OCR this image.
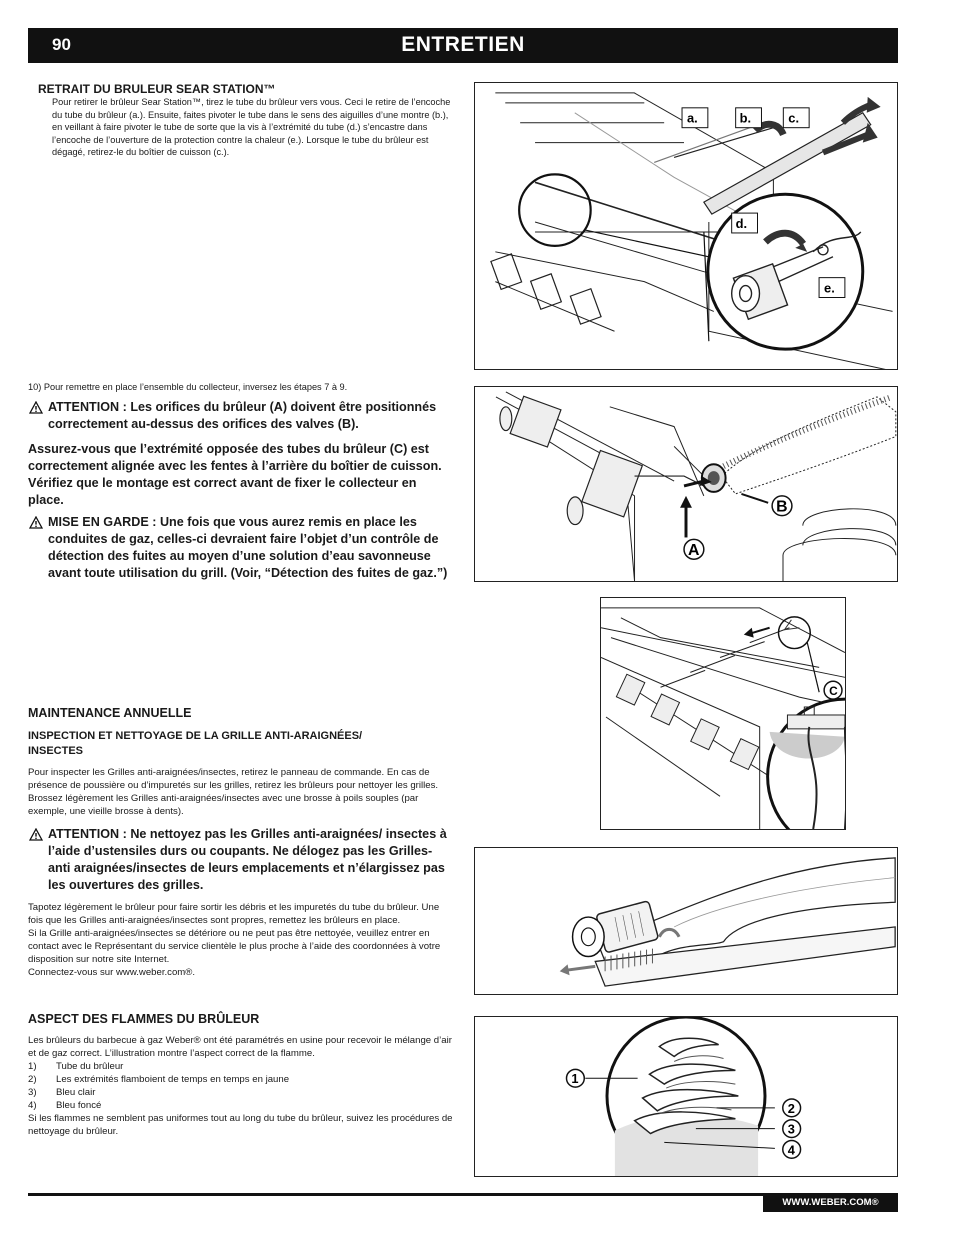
90	ENTRETIEN
RETRAIT DU BRULEUR SEAR STATION™
Pour retirer le brûleur Sear Station™, tirez le tube du brûleur vers vous. Ceci le retire de l’encoche du tube du brûleur (a.). Ensuite, faites pivoter le tube dans le sens des aiguilles d’une montre (b.), en veillant à faire pivoter le tube de sorte que la vis à l’extrémité du tube (d.) s’encastre dans l’encoche de l’ouverture de la protection contre la chaleur (e.). Lorsque le tube du brûleur est dégagé, retirez-le du boîtier de cuisson (c.).
10) Pour remettre en place l’ensemble du collecteur, inversez les étapes 7 à 9.
ATTENTION : Les orifices du brûleur (A) doivent être positionnés correctement au-dessus des orifices des valves (B).
Assurez-vous que l’extrémité opposée des tubes du brûleur (C) est correctement alignée avec les fentes à l’arrière du boîtier de cuisson. Vérifiez que le montage est correct avant de fixer le collecteur en place.
MISE EN GARDE : Une fois que vous aurez remis en place les conduites de gaz, celles-ci devraient faire l’objet d’un contrôle de détection des fuites au moyen d’une solution d’eau savonneuse avant toute utilisation du grill. (Voir, “Détection des fuites de gaz.”)
MAINTENANCE ANNUELLE
INSPECTION ET NETTOYAGE DE LA GRILLE ANTI-ARAIGNÉES/ INSECTES
Pour inspecter les Grilles anti-araignées/insectes, retirez le panneau de commande. En cas de présence de poussière ou d’impuretés sur les grilles, retirez les brûleurs pour nettoyer les grilles.
Brossez légèrement les Grilles anti-araignées/insectes avec une brosse à poils souples (par exemple, une vieille brosse à dents).
ATTENTION : Ne nettoyez pas les Grilles anti-araignées/ insectes à l’aide d’ustensiles durs ou coupants. Ne délogez pas les Grilles-anti araignées/insectes de leurs emplacements et n’élargissez pas les ouvertures des grilles.
Tapotez légèrement le brûleur pour faire sortir les débris et les impuretés du tube du brûleur. Une fois que les Grilles anti-araignées/insectes sont propres, remettez les brûleurs en place.
Si la Grille anti-araignées/insectes se détériore ou ne peut pas être nettoyée, veuillez entrer en contact avec le Représentant du service clientèle le plus proche à l’aide des coordonnées à votre disposition sur notre site Internet.
Connectez-vous sur www.weber.com®.
ASPECT DES FLAMMES DU BRÛLEUR
Les brûleurs du barbecue à gaz Weber® ont été paramétrés en usine pour recevoir le mélange d’air et de gaz correct. L’illustration montre l’aspect correct de la flamme.
1) Tube du brûleur
2) Les extrémités flamboient de temps en temps en jaune
3) Bleu clair
4) Bleu foncé
Si les flammes ne semblent pas uniformes tout au long du tube du brûleur, suivez les procédures de nettoyage du brûleur.
a.	b.	c.
d.
e.
A
B
C
1
2
3
4
WWW.WEBER.COM®
